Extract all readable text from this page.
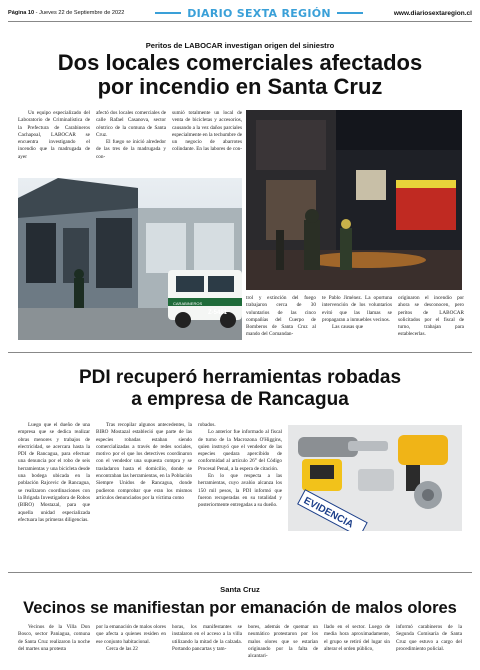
Página 10 - Jueves 22 de Septiembre de 2022	DIARIO SEXTA REGIÓN	www.diariosextaregion.cl
Peritos de LABOCAR investigan origen del siniestro
Dos locales comerciales afectados
por incendio en Santa Cruz

Un equipo especializado del Laboratorio de Criminalística de la Prefectura de Carabineros Cachapoal, LABOCAR se encuentra investigando el incendio que la madrugada de ayer

afectó dos locales comerciales de calle Rafael Casanova, sector céntrico de la comuna de Santa Cruz.

El fuego se inició alrededor de las tres de la madrugada y con-

sumió totalmente un local de venta de bicicletas y accesorios, causando a la vez daños parciales especialmente en la techumbre de un negocio de abarrotes colindante. En las labores de con-

Z-5481
CARABINEROS

trol y extinción del fuego trabajaron cerca de 30 voluntarios de las cinco compañías del Cuerpo de Bomberos de Santa Cruz al mando del Comandan-

te Pablo Jiménez. La oportuna intervención de los voluntarios evitó que las llamas se propagaran a inmuebles vecinos.

Las causas que

originaron el incendio por ahora se desconocen, pero peritos de LABOCAR solicitados por el fiscal de turno, trabajan para establecerlas.

PDI recuperó herramientas robadas
a empresa de Rancagua

Luego que el dueño de una empresa que se dedica realizar obras menores y trabajos de electricidad, se acercara hasta la PDI de Rancagua, para efectuar una denuncia por el robo de seis herramientas y una bicicleta desde una bodega ubicada en la población Rajcevic de Rancagua, se realizaron coordinaciones con la Brigada Investigadora de Robos (BIRO) Mostazal, para que aquella unidad especializada efectuara las primeras diligencias.

Tras recopilar algunos antecedentes, la BIRO Mostazal estableció que parte de las especies robadas estaban siendo comercializadas a través de redes sociales, motivo por el que los detectives coordinaron con el vendedor una supuesta compra y se trasladaron hasta el domicilio, donde se encontraban las herramientas, en la Población Siempre Unidos de Rancagua, donde pudieron comprobar que eran los mismos artículos denunciados por la víctima como

robados.

Lo anterior fue informado al fiscal de turno de la Macrozona O'Higgins, quien instruyó que el vendedor de las especies quedara apercibido de conformidad al artículo 26° del Código Procesal Penal, a la espera de citación.

En lo que respecta a las herramientas, cuyo avalúo alcanza los 150 mil pesos, la PDI informó que fueron recuperadas en su totalidad y posteriormente entregadas a su dueño.	EVIDENCIA
Santa Cruz
Vecinos se manifiestan por emanación de malos olores

Vecinos de la Villa Don Bosco, sector Paniagua, comuna de Santa Cruz realizaron la noche del martes una protesta

por la emanación de malos olores que afecta a quienes residen en ese conjunto habitacional.

Cerca de las 22

horas, los manifestantes se instalaron en el acceso a la villa utilizando la mitad de la calzada. Portando pancartas y tam-

bores, además de quemar un neumático protestaron por los malos olores que se estarían originando por la falta de alcantari-

llado en el sector. Luego de media hora aproximadamente, el grupo se retiró del lugar sin alterar el orden público,

informó carabineros de la Segunda Comisaría de Santa Cruz que estuvo a cargo del procedimiento policial.
